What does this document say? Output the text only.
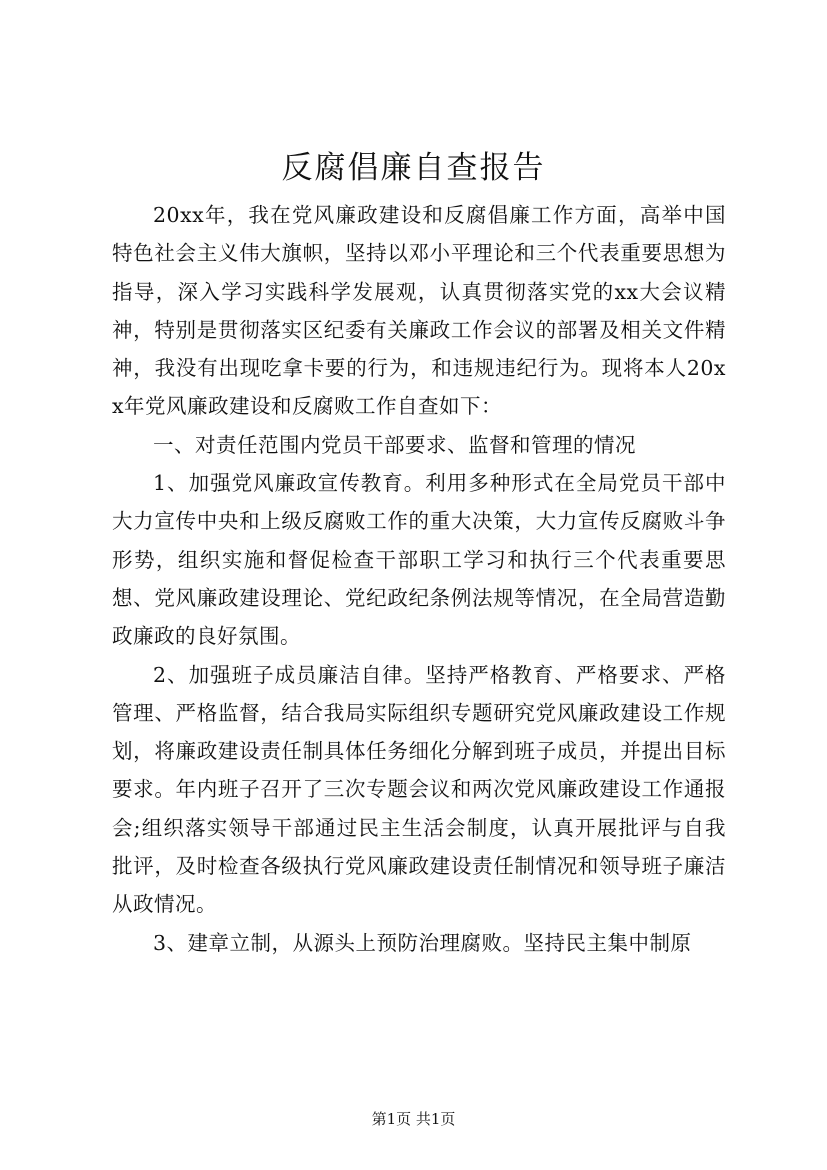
反腐倡廉自查报告

20xx年，我在党风廉政建设和反腐倡廉工作方面，高举中国特色社会主义伟大旗帜，坚持以邓小平理论和三个代表重要思想为指导，深入学习实践科学发展观，认真贯彻落实党的xx大会议精神，特别是贯彻落实区纪委有关廉政工作会议的部署及相关文件精神，我没有出现吃拿卡要的行为，和违规违纪行为。现将本人20xx年党风廉政建设和反腐败工作自查如下：

一、对责任范围内党员干部要求、监督和管理的情况

1、加强党风廉政宣传教育。利用多种形式在全局党员干部中大力宣传中央和上级反腐败工作的重大决策，大力宣传反腐败斗争形势，组织实施和督促检查干部职工学习和执行三个代表重要思想、党风廉政建设理论、党纪政纪条例法规等情况，在全局营造勤政廉政的良好氛围。

2、加强班子成员廉洁自律。坚持严格教育、严格要求、严格管理、严格监督，结合我局实际组织专题研究党风廉政建设工作规划，将廉政建设责任制具体任务细化分解到班子成员，并提出目标要求。年内班子召开了三次专题会议和两次党风廉政建设工作通报会;组织落实领导干部通过民主生活会制度，认真开展批评与自我批评，及时检查各级执行党风廉政建设责任制情况和领导班子廉洁从政情况。

3、建章立制，从源头上预防治理腐败。坚持民主集中制原

第1页 共1页
